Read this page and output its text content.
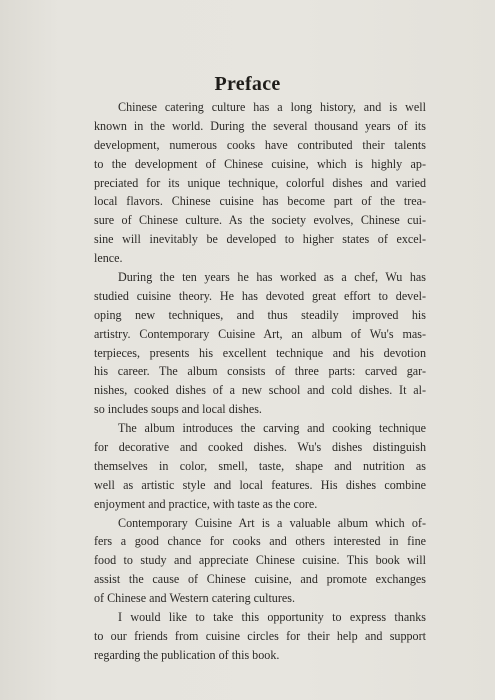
Preface
Chinese catering culture has a long history, and is well
known in the world. During the several thousand years of its
development, numerous cooks have contributed their talents
to the development of Chinese cuisine, which is highly ap-
preciated for its unique technique, colorful dishes and varied
local flavors. Chinese cuisine has become part of the trea-
sure of Chinese culture. As the society evolves, Chinese cui-
sine will inevitably be developed to higher states of excel-
lence.
During the ten years he has worked as a chef, Wu has
studied cuisine theory. He has devoted great effort to devel-
oping new techniques, and thus steadily improved his
artistry. Contemporary Cuisine Art, an album of Wu's mas-
terpieces, presents his excellent technique and his devotion
his career. The album consists of three parts: carved gar-
nishes, cooked dishes of a new school and cold dishes. It al-
so includes soups and local dishes.
The album introduces the carving and cooking technique
for decorative and cooked dishes. Wu's dishes distinguish
themselves in color, smell, taste, shape and nutrition as
well as artistic style and local features. His dishes combine
enjoyment and practice, with taste as the core.
Contemporary Cuisine Art is a valuable album which of-
fers a good chance for cooks and others interested in fine
food to study and appreciate Chinese cuisine. This book will
assist the cause of Chinese cuisine, and promote exchanges
of Chinese and Western catering cultures.
I would like to take this opportunity to express thanks
to our friends from cuisine circles for their help and support
regarding the publication of this book.
